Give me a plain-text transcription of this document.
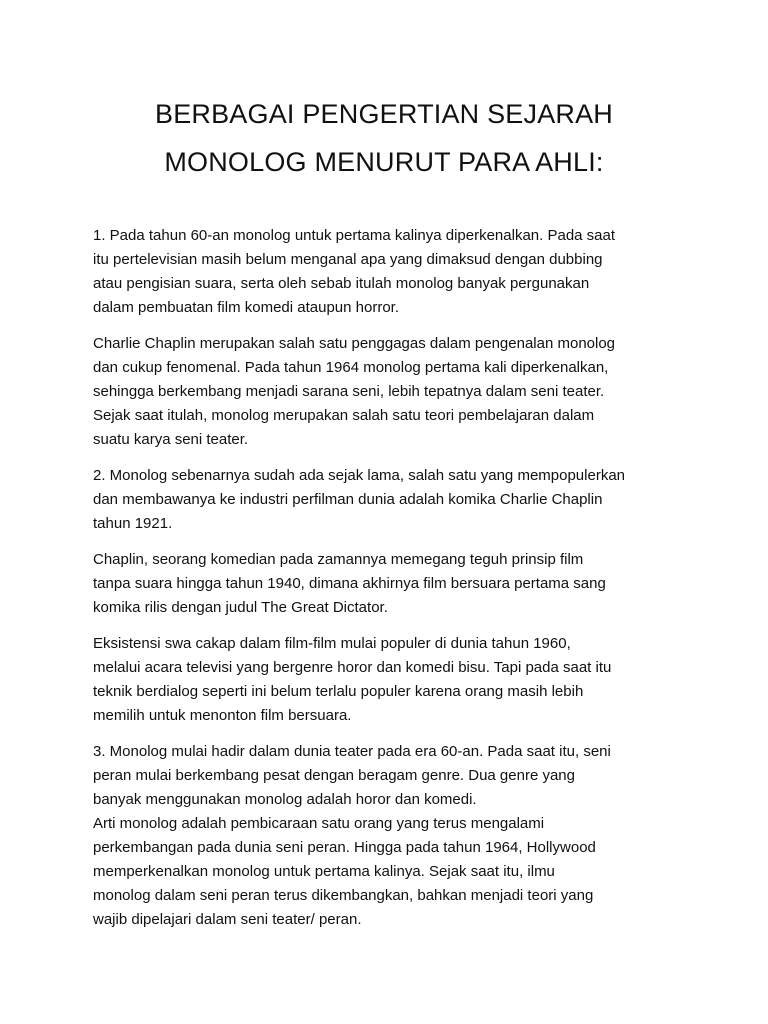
BERBAGAI PENGERTIAN SEJARAH
MONOLOG MENURUT PARA AHLI:

1. Pada tahun 60-an monolog untuk pertama kalinya diperkenalkan. Pada saat
itu pertelevisian masih belum menganal apa yang dimaksud dengan dubbing
atau pengisian suara, serta oleh sebab itulah monolog banyak pergunakan
dalam pembuatan film komedi ataupun horror.

Charlie Chaplin merupakan salah satu penggagas dalam pengenalan monolog
dan cukup fenomenal. Pada tahun 1964 monolog pertama kali diperkenalkan,
sehingga berkembang menjadi sarana seni, lebih tepatnya dalam seni teater.
Sejak saat itulah, monolog merupakan salah satu teori pembelajaran dalam
suatu karya seni teater.

2. Monolog sebenarnya sudah ada sejak lama, salah satu yang mempopulerkan
dan membawanya ke industri perfilman dunia adalah komika Charlie Chaplin
tahun 1921.

Chaplin, seorang komedian pada zamannya memegang teguh prinsip film
tanpa suara hingga tahun 1940, dimana akhirnya film bersuara pertama sang
komika rilis dengan judul The Great Dictator.

Eksistensi swa cakap dalam film-film mulai populer di dunia tahun 1960,
melalui acara televisi yang bergenre horor dan komedi bisu. Tapi pada saat itu
teknik berdialog seperti ini belum terlalu populer karena orang masih lebih
memilih untuk menonton film bersuara.

3. Monolog mulai hadir dalam dunia teater pada era 60-an. Pada saat itu, seni
peran mulai berkembang pesat dengan beragam genre. Dua genre yang
banyak menggunakan monolog adalah horor dan komedi.
Arti monolog adalah pembicaraan satu orang yang terus mengalami
perkembangan pada dunia seni peran. Hingga pada tahun 1964, Hollywood
memperkenalkan monolog untuk pertama kalinya. Sejak saat itu, ilmu
monolog dalam seni peran terus dikembangkan, bahkan menjadi teori yang
wajib dipelajari dalam seni teater/ peran.
